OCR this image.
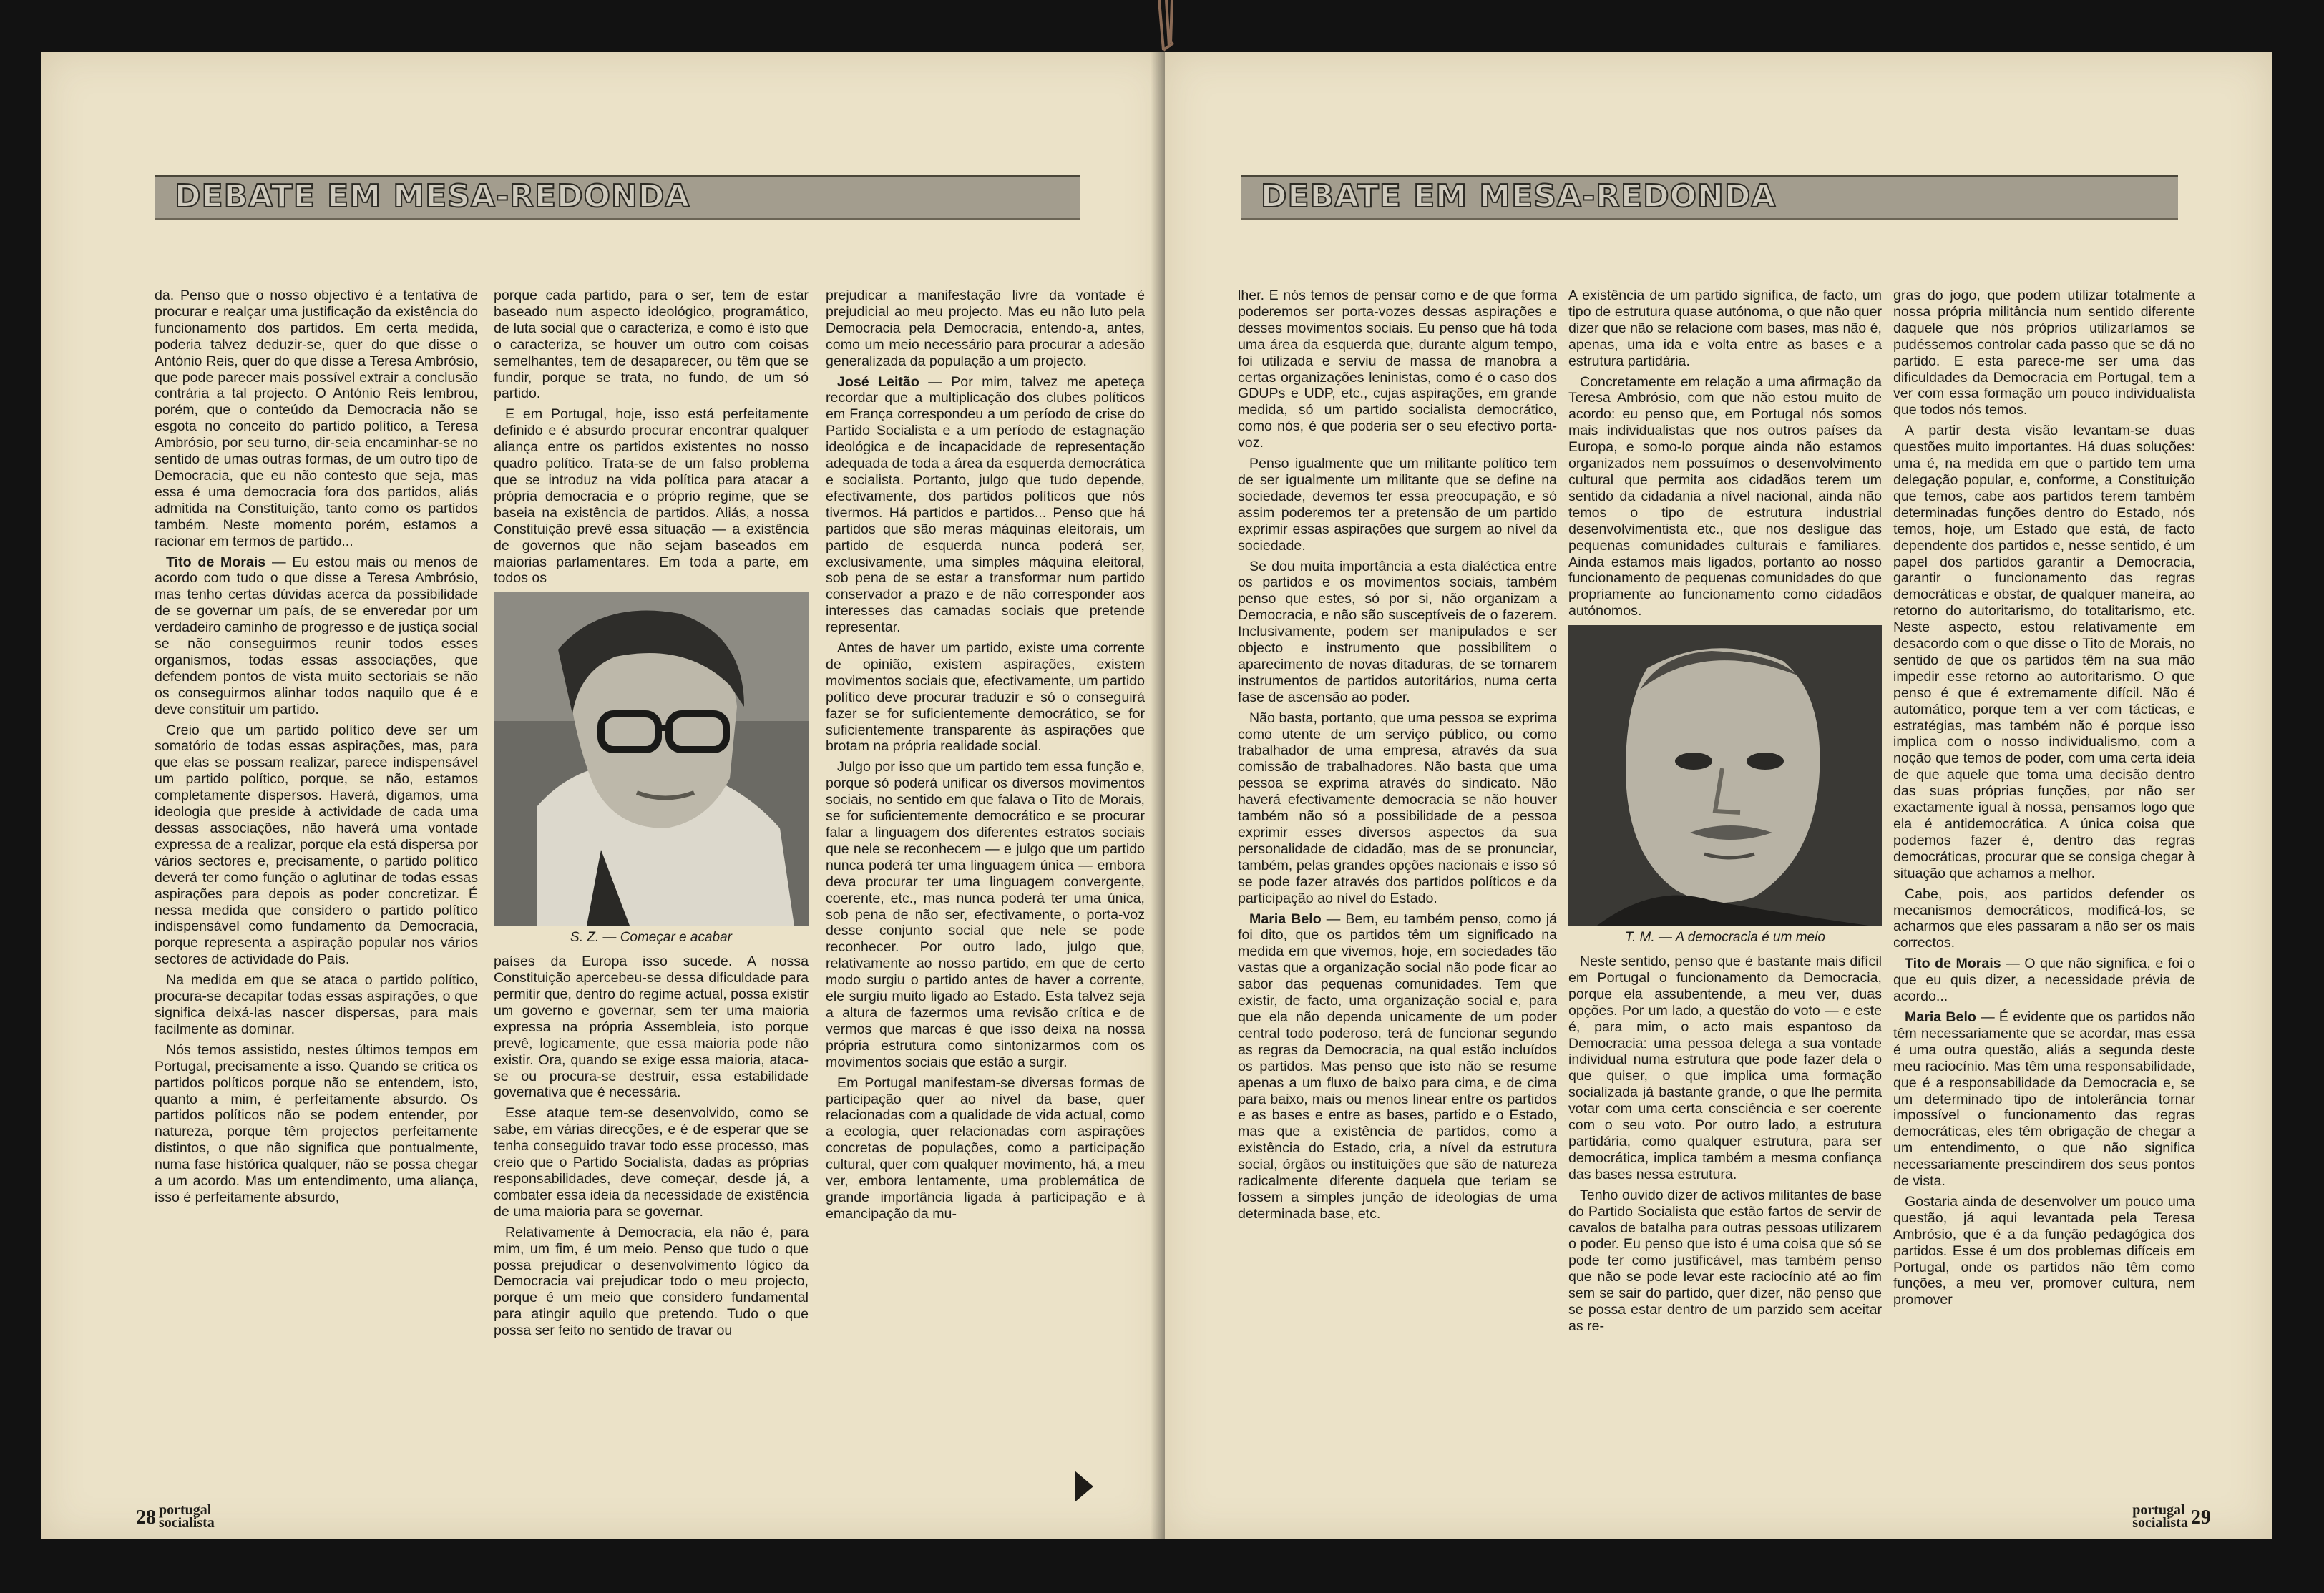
DEBATE EM MESA-REDONDA

da. Penso que o nosso objectivo é a tentativa de procurar e realçar uma justificação da existência do funcionamento dos partidos. Em certa medida, poderia talvez deduzir-se, quer do que disse o António Reis, quer do que disse a Teresa Ambrósio, que pode parecer mais possível extrair a conclusão contrária a tal projecto. O António Reis lembrou, porém, que o conteúdo da Democracia não se esgota no conceito do partido político, a Teresa Ambrósio, por seu turno, dir-seia encaminhar-se no sentido de umas outras formas, de um outro tipo de Democracia, que eu não contesto que seja, mas essa é uma democracia fora dos partidos, aliás admitida na Constituição, tanto como os partidos também. Neste momento porém, estamos a racionar em termos de partido...

Tito de Morais — Eu estou mais ou menos de acordo com tudo o que disse a Teresa Ambrósio, mas tenho certas dúvidas acerca da possibilidade de se governar um país, de se enveredar por um verdadeiro caminho de progresso e de justiça social se não conseguirmos reunir todos esses organismos, todas essas associações, que defendem pontos de vista muito sectoriais se não os conseguirmos alinhar todos naquilo que é e deve constituir um partido.

Creio que um partido político deve ser um somatório de todas essas aspirações, mas, para que elas se possam realizar, parece indispensável um partido político, porque, se não, estamos completamente dispersos. Haverá, digamos, uma ideologia que preside à actividade de cada uma dessas associações, não haverá uma vontade expressa de a realizar, porque ela está dispersa por vários sectores e, precisamente, o partido político deverá ter como função o aglutinar de todas essas aspirações para depois as poder concretizar. É nessa medida que considero o partido político indispensável como fundamento da Democracia, porque representa a aspiração popular nos vários sectores de actividade do País.

Na medida em que se ataca o partido político, procura-se decapitar todas essas aspirações, o que significa deixá-las nascer dispersas, para mais facilmente as dominar.

Nós temos assistido, nestes últimos tempos em Portugal, precisamente a isso. Quando se critica os partidos políticos porque não se entendem, isto, quanto a mim, é perfeitamente absurdo. Os partidos políticos não se podem entender, por natureza, porque têm projectos perfeitamente distintos, o que não significa que pontualmente, numa fase histórica qualquer, não se possa chegar a um acordo. Mas um entendimento, uma aliança, isso é perfeitamente absurdo,

porque cada partido, para o ser, tem de estar baseado num aspecto ideológico, programático, de luta social que o caracteriza, e como é isto que o caracteriza, se houver um outro com coisas semelhantes, tem de desaparecer, ou têm que se fundir, porque se trata, no fundo, de um só partido.

E em Portugal, hoje, isso está perfeitamente definido e é absurdo procurar encontrar qualquer aliança entre os partidos existentes no nosso quadro político. Trata-se de um falso problema que se introduz na vida política para atacar a própria democracia e o próprio regime, que se baseia na existência de partidos. Aliás, a nossa Constituição prevê essa situação — a existência de governos que não sejam baseados em maiorias parlamentares. Em toda a parte, em todos os

S. Z. — Começar e acabar

países da Europa isso sucede. A nossa Constituição apercebeu-se dessa dificuldade para permitir que, dentro do regime actual, possa existir um governo e governar, sem ter uma maioria expressa na própria Assembleia, isto porque prevê, logicamente, que essa maioria pode não existir. Ora, quando se exige essa maioria, ataca-se ou procura-se destruir, essa estabilidade governativa que é necessária.

Esse ataque tem-se desenvolvido, como se sabe, em várias direcções, e é de esperar que se tenha conseguido travar todo esse processo, mas creio que o Partido Socialista, dadas as próprias responsabilidades, deve começar, desde já, a combater essa ideia da necessidade de existência de uma maioria para se governar.

Relativamente à Democracia, ela não é, para mim, um fim, é um meio. Penso que tudo o que possa prejudicar o desenvolvimento lógico da Democracia vai prejudicar todo o meu projecto, porque é um meio que considero fundamental para atingir aquilo que pretendo. Tudo o que possa ser feito no sentido de travar ou

prejudicar a manifestação livre da vontade é prejudicial ao meu projecto. Mas eu não luto pela Democracia pela Democracia, entendo-a, antes, como um meio necessário para procurar a adesão generalizada da população a um projecto.

José Leitão — Por mim, talvez me apeteça recordar que a multiplicação dos clubes políticos em França correspondeu a um período de crise do Partido Socialista e a um período de estagnação ideológica e de incapacidade de representação adequada de toda a área da esquerda democrática e socialista. Portanto, julgo que tudo depende, efectivamente, dos partidos políticos que nós tivermos. Há partidos e partidos... Penso que há partidos que são meras máquinas eleitorais, um partido de esquerda nunca poderá ser, exclusivamente, uma simples máquina eleitoral, sob pena de se estar a transformar num partido conservador a prazo e de não corresponder aos interesses das camadas sociais que pretende representar.

Antes de haver um partido, existe uma corrente de opinião, existem aspirações, existem movimentos sociais que, efectivamente, um partido político deve procurar traduzir e só o conseguirá fazer se for suficientemente democrático, se for suficientemente transparente às aspirações que brotam na própria realidade social.

Julgo por isso que um partido tem essa função e, porque só poderá unificar os diversos movimentos sociais, no sentido em que falava o Tito de Morais, se for suficientemente democrático e se procurar falar a linguagem dos diferentes estratos sociais que nele se reconhecem — e julgo que um partido nunca poderá ter uma linguagem única — embora deva procurar ter uma linguagem convergente, coerente, etc., mas nunca poderá ter uma única, sob pena de não ser, efectivamente, o porta-voz desse conjunto social que nele se pode reconhecer. Por outro lado, julgo que, relativamente ao nosso partido, em que de certo modo surgiu o partido antes de haver a corrente, ele surgiu muito ligado ao Estado. Esta talvez seja a altura de fazermos uma revisão crítica e de vermos que marcas é que isso deixa na nossa própria estrutura como sintonizarmos com os movimentos sociais que estão a surgir.

Em Portugal manifestam-se diversas formas de participação quer ao nível da base, quer relacionadas com a qualidade de vida actual, como a ecologia, quer relacionadas com aspirações concretas de populações, como a participação cultural, quer com qualquer movimento, há, a meu ver, embora lentamente, uma problemática de grande importância ligada à participação e à emancipação da mu-

28 portugal
socialista
DEBATE EM MESA-REDONDA

lher. E nós temos de pensar como e de que forma poderemos ser porta-vozes dessas aspirações e desses movimentos sociais. Eu penso que há toda uma área da esquerda que, durante algum tempo, foi utilizada e serviu de massa de manobra a certas organizações leninistas, como é o caso dos GDUPs e UDP, etc., cujas aspirações, em grande medida, só um partido socialista democrático, como nós, é que poderia ser o seu efectivo porta-voz.

Penso igualmente que um militante político tem de ser igualmente um militante que se define na sociedade, devemos ter essa preocupação, e só assim poderemos ter a pretensão de um partido exprimir essas aspirações que surgem ao nível da sociedade.

Se dou muita importância a esta dialéctica entre os partidos e os movimentos sociais, também penso que estes, só por si, não organizam a Democracia, e não são susceptíveis de o fazerem. Inclusivamente, podem ser manipulados e ser objecto e instrumento que possibilitem o aparecimento de novas ditaduras, de se tornarem instrumentos de partidos autoritários, numa certa fase de ascensão ao poder.

Não basta, portanto, que uma pessoa se exprima como utente de um serviço público, ou como trabalhador de uma empresa, através da sua comissão de trabalhadores. Não basta que uma pessoa se exprima através do sindicato. Não haverá efectivamente democracia se não houver também não só a possibilidade de a pessoa exprimir esses diversos aspectos da sua personalidade de cidadão, mas de se pronunciar, também, pelas grandes opções nacionais e isso só se pode fazer através dos partidos políticos e da participação ao nível do Estado.

Maria Belo — Bem, eu também penso, como já foi dito, que os partidos têm um significado na medida em que vivemos, hoje, em sociedades tão vastas que a organização social não pode ficar ao sabor das pequenas comunidades. Tem que existir, de facto, uma organização social e, para que ela não dependa unicamente de um poder central todo poderoso, terá de funcionar segundo as regras da Democracia, na qual estão incluídos os partidos. Mas penso que isto não se resume apenas a um fluxo de baixo para cima, e de cima para baixo, mais ou menos linear entre os partidos e as bases e entre as bases, partido e o Estado, mas que a existência de partidos, como a existência do Estado, cria, a nível da estrutura social, órgãos ou instituições que são de natureza radicalmente diferente daquela que teriam se fossem a simples junção de ideologias de uma determinada base, etc.

A existência de um partido significa, de facto, um tipo de estrutura quase autónoma, o que não quer dizer que não se relacione com bases, mas não é, apenas, uma ida e volta entre as bases e a estrutura partidária.

Concretamente em relação a uma afirmação da Teresa Ambrósio, com que não estou muito de acordo: eu penso que, em Portugal nós somos mais individualistas que nos outros países da Europa, e somo-lo porque ainda não estamos organizados nem possuímos o desenvolvimento cultural que permita aos cidadãos terem um sentido da cidadania a nível nacional, ainda não temos o tipo de estrutura industrial desenvolvimentista etc., que nos desligue das pequenas comunidades culturais e familiares. Ainda estamos mais ligados, portanto ao nosso funcionamento de pequenas comunidades do que propriamente ao funcionamento como cidadãos autónomos.

T. M. — A democracia é um meio

Neste sentido, penso que é bastante mais difícil em Portugal o funcionamento da Democracia, porque ela assubentende, a meu ver, duas opções. Por um lado, a questão do voto — e este é, para mim, o acto mais espantoso da Democracia: uma pessoa delega a sua vontade individual numa estrutura que pode fazer dela o que quiser, o que implica uma formação socializada já bastante grande, o que lhe permita votar com uma certa consciência e ser coerente com o seu voto. Por outro lado, a estrutura partidária, como qualquer estrutura, para ser democrática, implica também a mesma confiança das bases nessa estrutura.

Tenho ouvido dizer de activos militantes de base do Partido Socialista que estão fartos de servir de cavalos de batalha para outras pessoas utilizarem o poder. Eu penso que isto é uma coisa que só se pode ter como justificável, mas também penso que não se pode levar este raciocínio até ao fim sem se sair do partido, quer dizer, não penso que se possa estar dentro de um parzido sem aceitar as re-

gras do jogo, que podem utilizar totalmente a nossa própria militância num sentido diferente daquele que nós próprios utilizaríamos se pudéssemos controlar cada passo que se dá no partido. E esta parece-me ser uma das dificuldades da Democracia em Portugal, tem a ver com essa formação um pouco individualista que todos nós temos.

A partir desta visão levantam-se duas questões muito importantes. Há duas soluções: uma é, na medida em que o partido tem uma delegação popular, e, conforme, a Constituição que temos, cabe aos partidos terem também determinadas funções dentro do Estado, nós temos, hoje, um Estado que está, de facto dependente dos partidos e, nesse sentido, é um papel dos partidos garantir a Democracia, garantir o funcionamento das regras democráticas e obstar, de qualquer maneira, ao retorno do autoritarismo, do totalitarismo, etc. Neste aspecto, estou relativamente em desacordo com o que disse o Tito de Morais, no sentido de que os partidos têm na sua mão impedir esse retorno ao autoritarismo. O que penso é que é extremamente difícil. Não é automático, porque tem a ver com tácticas, e estratégias, mas também não é porque isso implica com o nosso individualismo, com a noção que temos de poder, com uma certa ideia de que aquele que toma uma decisão dentro das suas próprias funções, por não ser exactamente igual à nossa, pensamos logo que ela é antidemocrática. A única coisa que podemos fazer é, dentro das regras democráticas, procurar que se consiga chegar à situação que achamos a melhor.

Cabe, pois, aos partidos defender os mecanismos democráticos, modificá-los, se acharmos que eles passaram a não ser os mais correctos.

Tito de Morais — O que não significa, e foi o que eu quis dizer, a necessidade prévia de acordo...

Maria Belo — É evidente que os partidos não têm necessariamente que se acordar, mas essa é uma outra questão, aliás a segunda deste meu raciocínio. Mas têm uma responsabilidade, que é a responsabilidade da Democracia e, se um determinado tipo de intolerância tornar impossível o funcionamento das regras democráticas, eles têm obrigação de chegar a um entendimento, o que não significa necessariamente prescindirem dos seus pontos de vista.

Gostaria ainda de desenvolver um pouco uma questão, já aqui levantada pela Teresa Ambrósio, que é a da função pedagógica dos partidos. Esse é um dos problemas difíceis em Portugal, onde os partidos não têm como funções, a meu ver, promover cultura, nem promover

portugal
socialista 29
